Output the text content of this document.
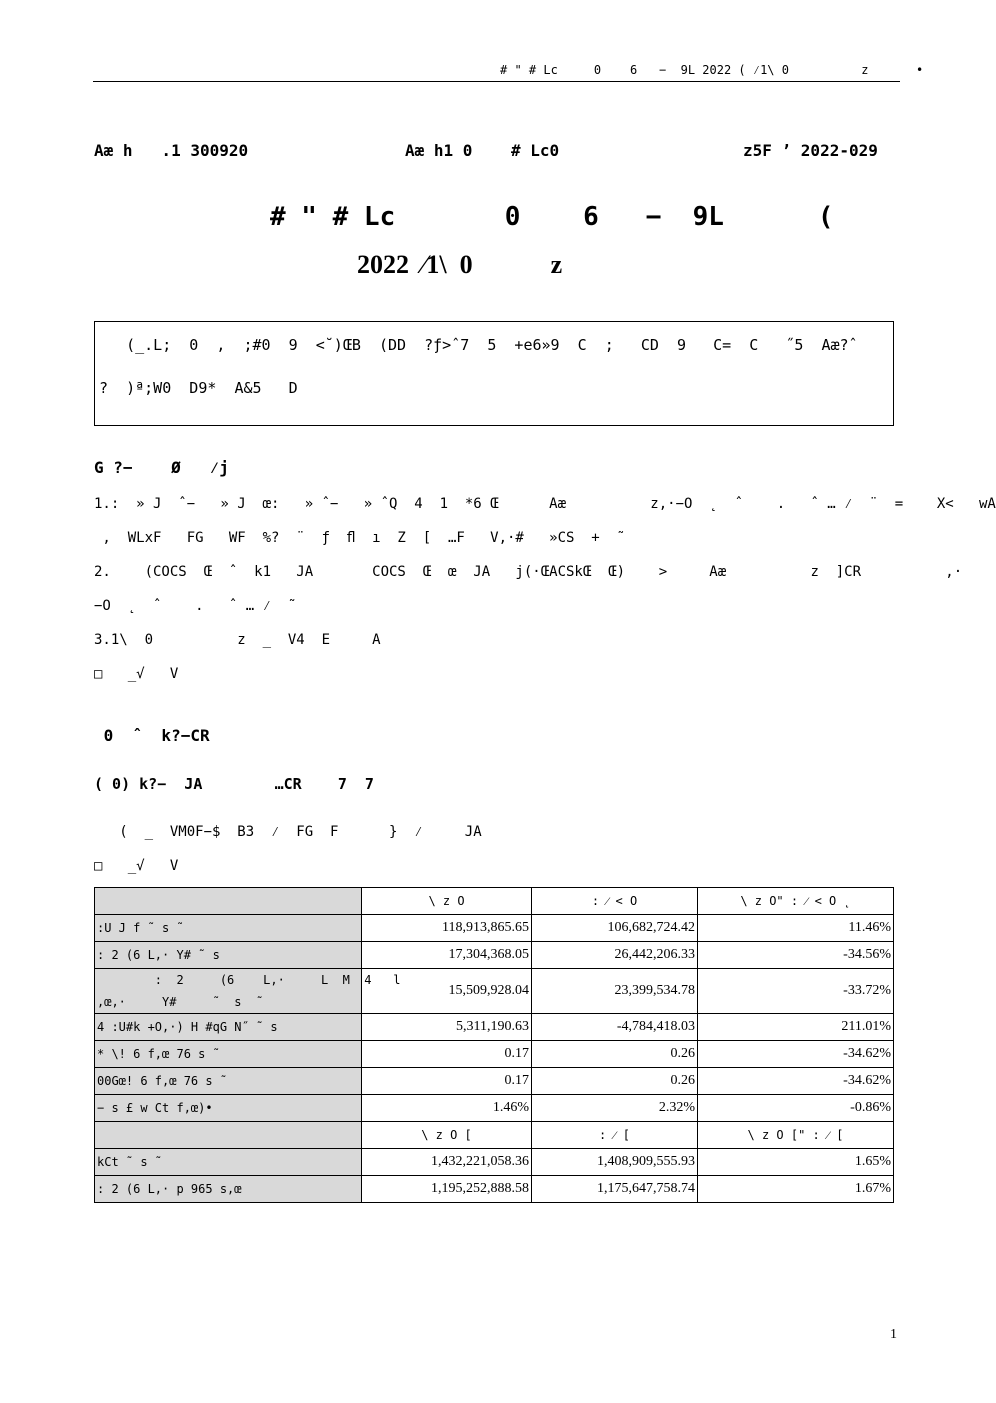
# " # Lc     0    6   −  9L 2022 ( ⁄1\ 0          z	•
Aæ h   .1 300920	Aæ h1 0    # Lc0	z5F ’ 2022-029
# " # Lc       0    6   −  9L      (
2022  ⁄1\  0            z
(_.L;  0  ,  ;#0  9  <˘)ŒB  (DD  ?ƒ>ˆ7  5  +e6»9  C  ;   CD  9   C=  C   ˝5  Aæ?ˆ
?  )ª;W0  D9*  A&5   D
G ?−    Ø   ⁄j
1.:  » J  ˆ−   » J  œ:   » ˆ−   » ˆQ  4  1  *6 Œ      Aæ          z,·−O  ˛  ˆ    .   ˆ … ⁄  ¨  =    X<   wA
,  WLxF   FG   WF  %?  ¨  ƒ  ﬂ  ı  Z  [  …F   V,·#   »CS  +  ˜
2.    (COCS  Œ  ˆ  k1   JA       COCS  Œ  œ  JA   j(·ŒACSkŒ  Œ)    >     Aæ          z  ]CR          ,·
−O  ˛  ˆ    .   ˆ … ⁄  ˜
3.1\  0          z  _  V4  E     A
□   _√   V
0  ˆ  k?−CR
( 0) k?−  JA        …CR    7  7
(  _  VM0F−$  B3  ⁄  FG  F      }  ⁄     JA
□   _√   V
	\ z O	: ⁄ < O	\ z O" : ⁄ < O ˛
:U J f ˜ s ˜	118,913,865.65	106,682,724.42	11.46%
: 2 (6 L,· Y# ˜ s	17,304,368.05	26,442,206.33	-34.56%
:  2     (6    L,·     L  M  4   l
,œ,·     Y#     ˜  s  ˜	15,509,928.04	23,399,534.78	-33.72%
4 :U#k +O,·) H #qG N˝ ˜ s	5,311,190.63	-4,784,418.03	211.01%
* \! 6 f,œ 76 s ˜	0.17	0.26	-34.62%
00Gœ! 6 f,œ 76 s ˜	0.17	0.26	-34.62%
− s £ w Ct f,œ)•	1.46%	2.32%	-0.86%
	\ z O [	: ⁄ [	\ z O [" : ⁄ [
kCt ˜ s ˜	1,432,221,058.36	1,408,909,555.93	1.65%
: 2 (6 L,· p 965 s,œ	1,195,252,888.58	1,175,647,758.74	1.67%
1
